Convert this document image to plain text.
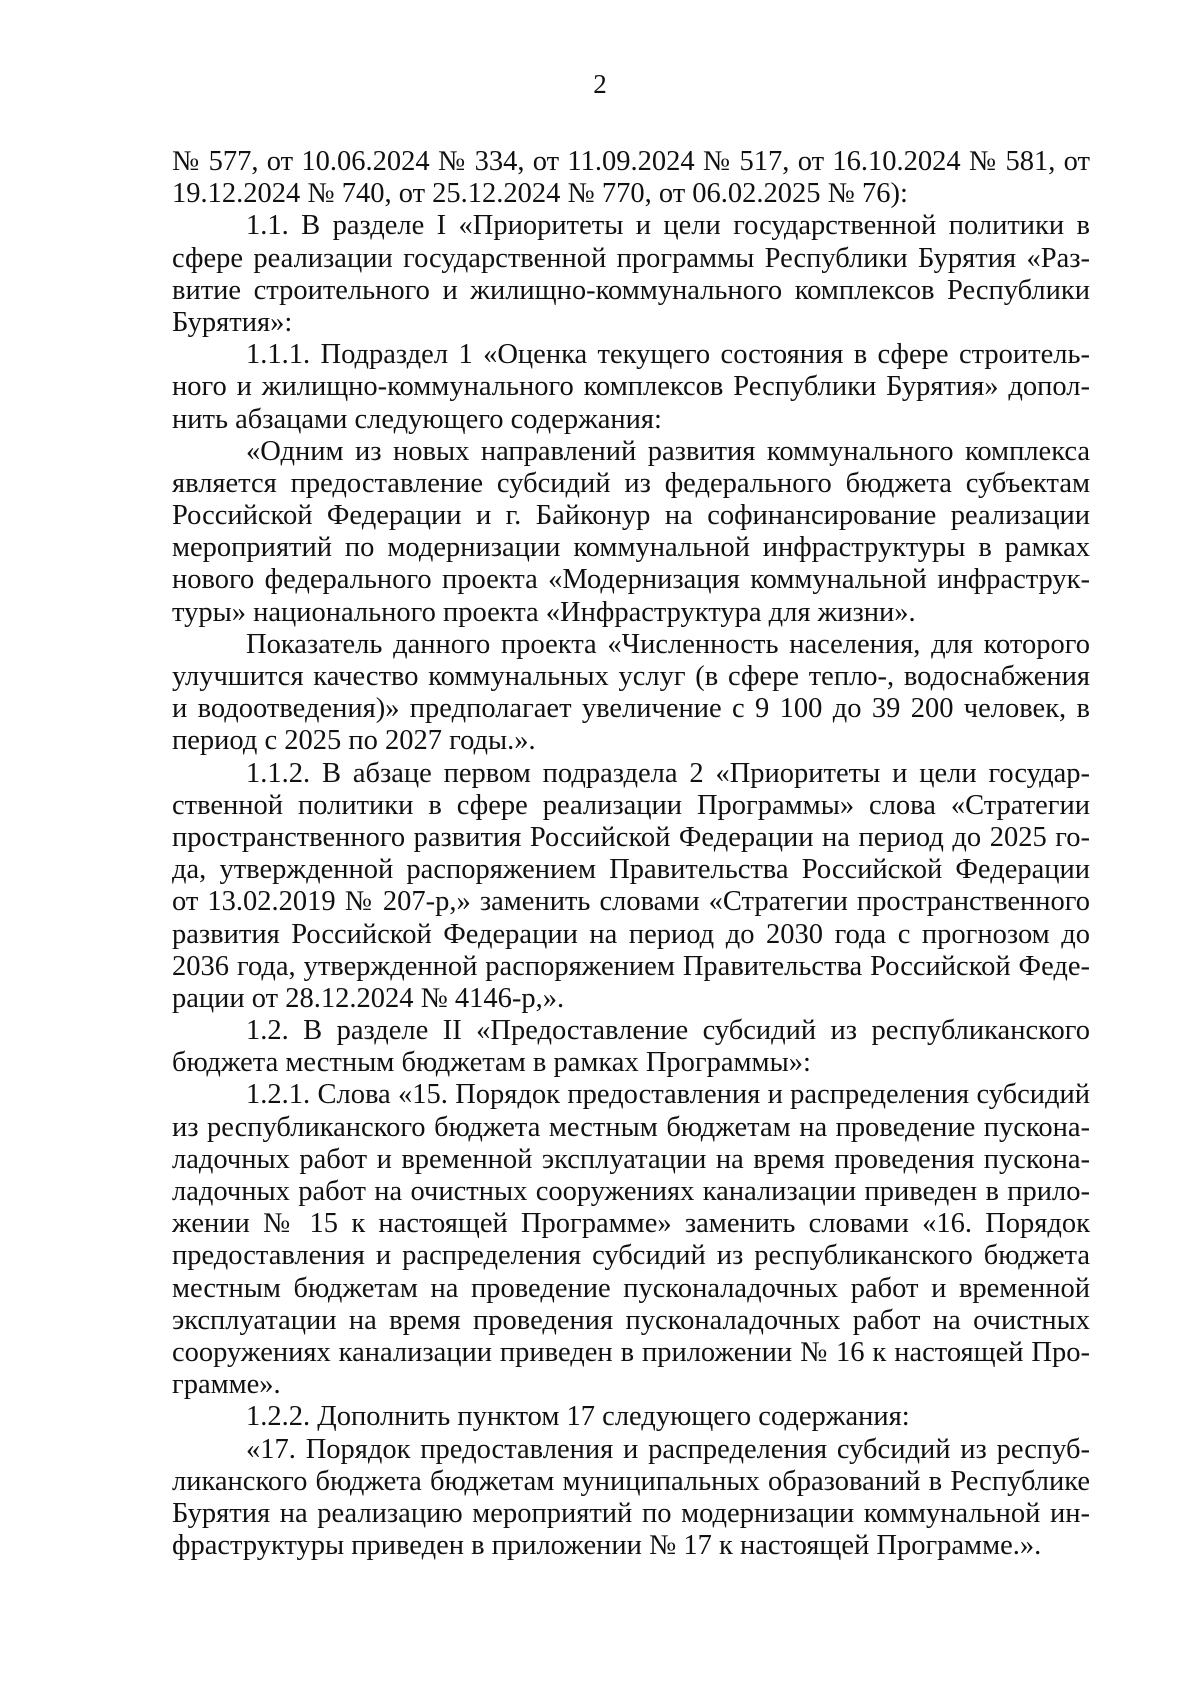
2
№ 577, от 10.06.2024 № 334, от 11.09.2024 № 517, от 16.10.2024 № 581, от
19.12.2024 № 740, от 25.12.2024 № 770, от 06.02.2025 № 76):
1.1. В разделе I «Приоритеты и цели государственной политики в
сфере реализации государственной программы Республики Бурятия «Раз-
витие строительного и жилищно-коммунального комплексов Республики
Бурятия»:
1.1.1. Подраздел 1 «Оценка текущего состояния в сфере строитель-
ного и жилищно-коммунального комплексов Республики Бурятия» допол-
нить абзацами следующего содержания:
«Одним из новых направлений развития коммунального комплекса
является предоставление субсидий из федерального бюджета субъектам
Российской Федерации и г. Байконур на софинансирование реализации
мероприятий по модернизации коммунальной инфраструктуры в рамках
нового федерального проекта «Модернизация коммунальной инфраструк-
туры» национального проекта «Инфраструктура для жизни».
Показатель данного проекта «Численность населения, для которого
улучшится качество коммунальных услуг (в сфере тепло-, водоснабжения
и водоотведения)» предполагает увеличение с 9 100 до 39 200 человек, в
период с 2025 по 2027 годы.».
1.1.2. В абзаце первом подраздела 2 «Приоритеты и цели государ-
ственной политики в сфере реализации Программы» слова «Стратегии
пространственного развития Российской Федерации на период до 2025 го-
да, утвержденной распоряжением Правительства Российской Федерации
от 13.02.2019 № 207-р,» заменить словами «Стратегии пространственного
развития Российской Федерации на период до 2030 года с прогнозом до
2036 года, утвержденной распоряжением Правительства Российской Феде-
рации от 28.12.2024 № 4146-р,».
1.2. В разделе II «Предоставление субсидий из республиканского
бюджета местным бюджетам в рамках Программы»:
1.2.1. Слова «15. Порядок предоставления и распределения субсидий
из республиканского бюджета местным бюджетам на проведение пускона-
ладочных работ и временной эксплуатации на время проведения пускона-
ладочных работ на очистных сооружениях канализации приведен в прило-
жении № 15 к настоящей Программе» заменить словами «16. Порядок
предоставления и распределения субсидий из республиканского бюджета
местным бюджетам на проведение пусконаладочных работ и временной
эксплуатации на время проведения пусконаладочных работ на очистных
сооружениях канализации приведен в приложении № 16 к настоящей Про-
грамме».
1.2.2. Дополнить пунктом 17 следующего содержания:
«17. Порядок предоставления и распределения субсидий из респуб-
ликанского бюджета бюджетам муниципальных образований в Республике
Бурятия на реализацию мероприятий по модернизации коммунальной ин-
фраструктуры приведен в приложении № 17 к настоящей Программе.».
